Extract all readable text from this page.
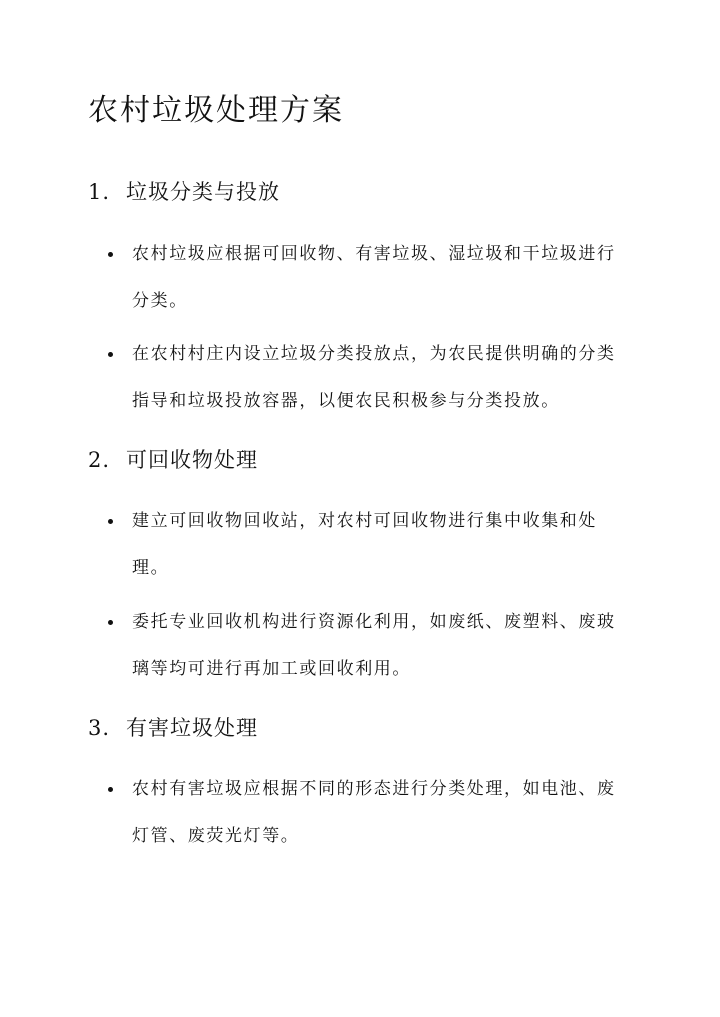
农村垃圾处理方案
1. 垃圾分类与投放
农村垃圾应根据可回收物、有害垃圾、湿垃圾和干垃圾进行分类。
在农村村庄内设立垃圾分类投放点，为农民提供明确的分类指导和垃圾投放容器，以便农民积极参与分类投放。
2. 可回收物处理
建立可回收物回收站，对农村可回收物进行集中收集和处理。
委托专业回收机构进行资源化利用，如废纸、废塑料、废玻璃等均可进行再加工或回收利用。
3. 有害垃圾处理
农村有害垃圾应根据不同的形态进行分类处理，如电池、废灯管、废荧光灯等。
